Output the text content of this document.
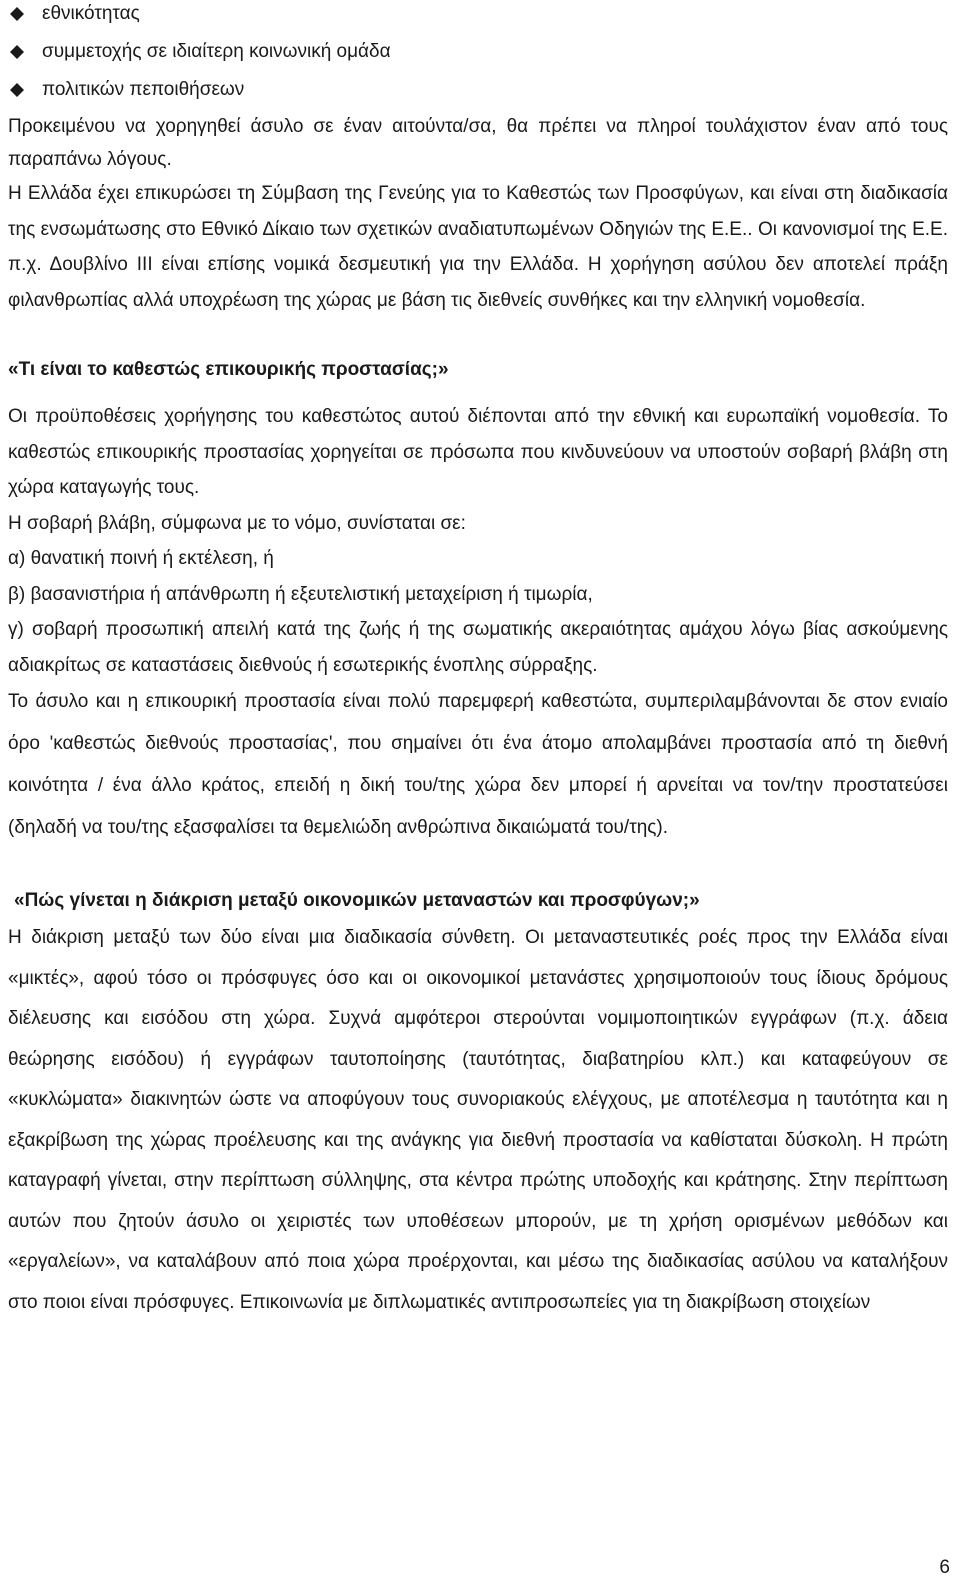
εθνικότητας
συμμετοχής σε ιδιαίτερη κοινωνική ομάδα
πολιτικών πεποιθήσεων

Προκειμένου να χορηγηθεί άσυλο σε έναν αιτούντα/σα, θα πρέπει να πληροί τουλάχιστον έναν από τους παραπάνω λόγους.

Η Ελλάδα έχει επικυρώσει τη Σύμβαση της Γενεύης για το Καθεστώς των Προσφύγων, και είναι στη διαδικασία της ενσωμάτωσης στο Εθνικό Δίκαιο των σχετικών αναδιατυπωμένων Οδηγιών της Ε.Ε.. Οι κανονισμοί της Ε.Ε. π.χ. Δουβλίνο ΙΙΙ είναι επίσης νομικά δεσμευτική για την Ελλάδα. Η χορήγηση ασύλου δεν αποτελεί πράξη φιλανθρωπίας αλλά υποχρέωση της χώρας με βάση τις διεθνείς συνθήκες και την ελληνική νομοθεσία.

«Τι είναι το καθεστώς επικουρικής προστασίας;»

Οι προϋποθέσεις χορήγησης του καθεστώτος αυτού διέπονται από την εθνική και ευρωπαϊκή νομοθεσία. Το καθεστώς επικουρικής προστασίας χορηγείται σε πρόσωπα που κινδυνεύουν να υποστούν σοβαρή βλάβη στη χώρα καταγωγής τους.

Η σοβαρή βλάβη, σύμφωνα με το νόμο, συνίσταται σε:

α) θανατική ποινή ή εκτέλεση, ή

β) βασανιστήρια ή απάνθρωπη ή εξευτελιστική μεταχείριση ή τιμωρία,

γ) σοβαρή προσωπική απειλή κατά της ζωής ή της σωματικής ακεραιότητας αμάχου λόγω βίας ασκούμενης αδιακρίτως σε καταστάσεις διεθνούς ή εσωτερικής ένοπλης σύρραξης.

Το άσυλο και η επικουρική προστασία είναι πολύ παρεμφερή καθεστώτα, συμπεριλαμβάνονται δε στον ενιαίο όρο 'καθεστώς διεθνούς προστασίας', που σημαίνει ότι ένα άτομο απολαμβάνει προστασία από τη διεθνή κοινότητα / ένα άλλο κράτος, επειδή η δική του/της χώρα δεν μπορεί ή αρνείται να τον/την προστατεύσει (δηλαδή να του/της εξασφαλίσει τα θεμελιώδη ανθρώπινα δικαιώματά του/της).

«Πώς γίνεται η διάκριση μεταξύ οικονομικών μεταναστών και προσφύγων;»

Η διάκριση μεταξύ των δύο είναι μια διαδικασία σύνθετη. Οι μεταναστευτικές ροές προς την Ελλάδα είναι «μικτές», αφού τόσο οι πρόσφυγες όσο και οι οικονομικοί μετανάστες χρησιμοποιούν τους ίδιους δρόμους διέλευσης και εισόδου στη χώρα. Συχνά αμφότεροι στερούνται νομιμοποιητικών εγγράφων (π.χ. άδεια θεώρησης εισόδου) ή εγγράφων ταυτοποίησης (ταυτότητας, διαβατηρίου κλπ.) και καταφεύγουν σε «κυκλώματα» διακινητών ώστε να αποφύγουν τους συνοριακούς ελέγχους, με αποτέλεσμα η ταυτότητα και η εξακρίβωση της χώρας προέλευσης και της ανάγκης για διεθνή προστασία να καθίσταται δύσκολη. Η πρώτη καταγραφή γίνεται, στην περίπτωση σύλληψης, στα κέντρα πρώτης υποδοχής και κράτησης. Στην περίπτωση αυτών που ζητούν άσυλο οι χειριστές των υποθέσεων μπορούν, με τη χρήση ορισμένων μεθόδων και «εργαλείων», να καταλάβουν από ποια χώρα προέρχονται, και μέσω της διαδικασίας ασύλου να καταλήξουν στο ποιοι είναι πρόσφυγες. Επικοινωνία με διπλωματικές αντιπροσωπείες για τη διακρίβωση στοιχείων

6
